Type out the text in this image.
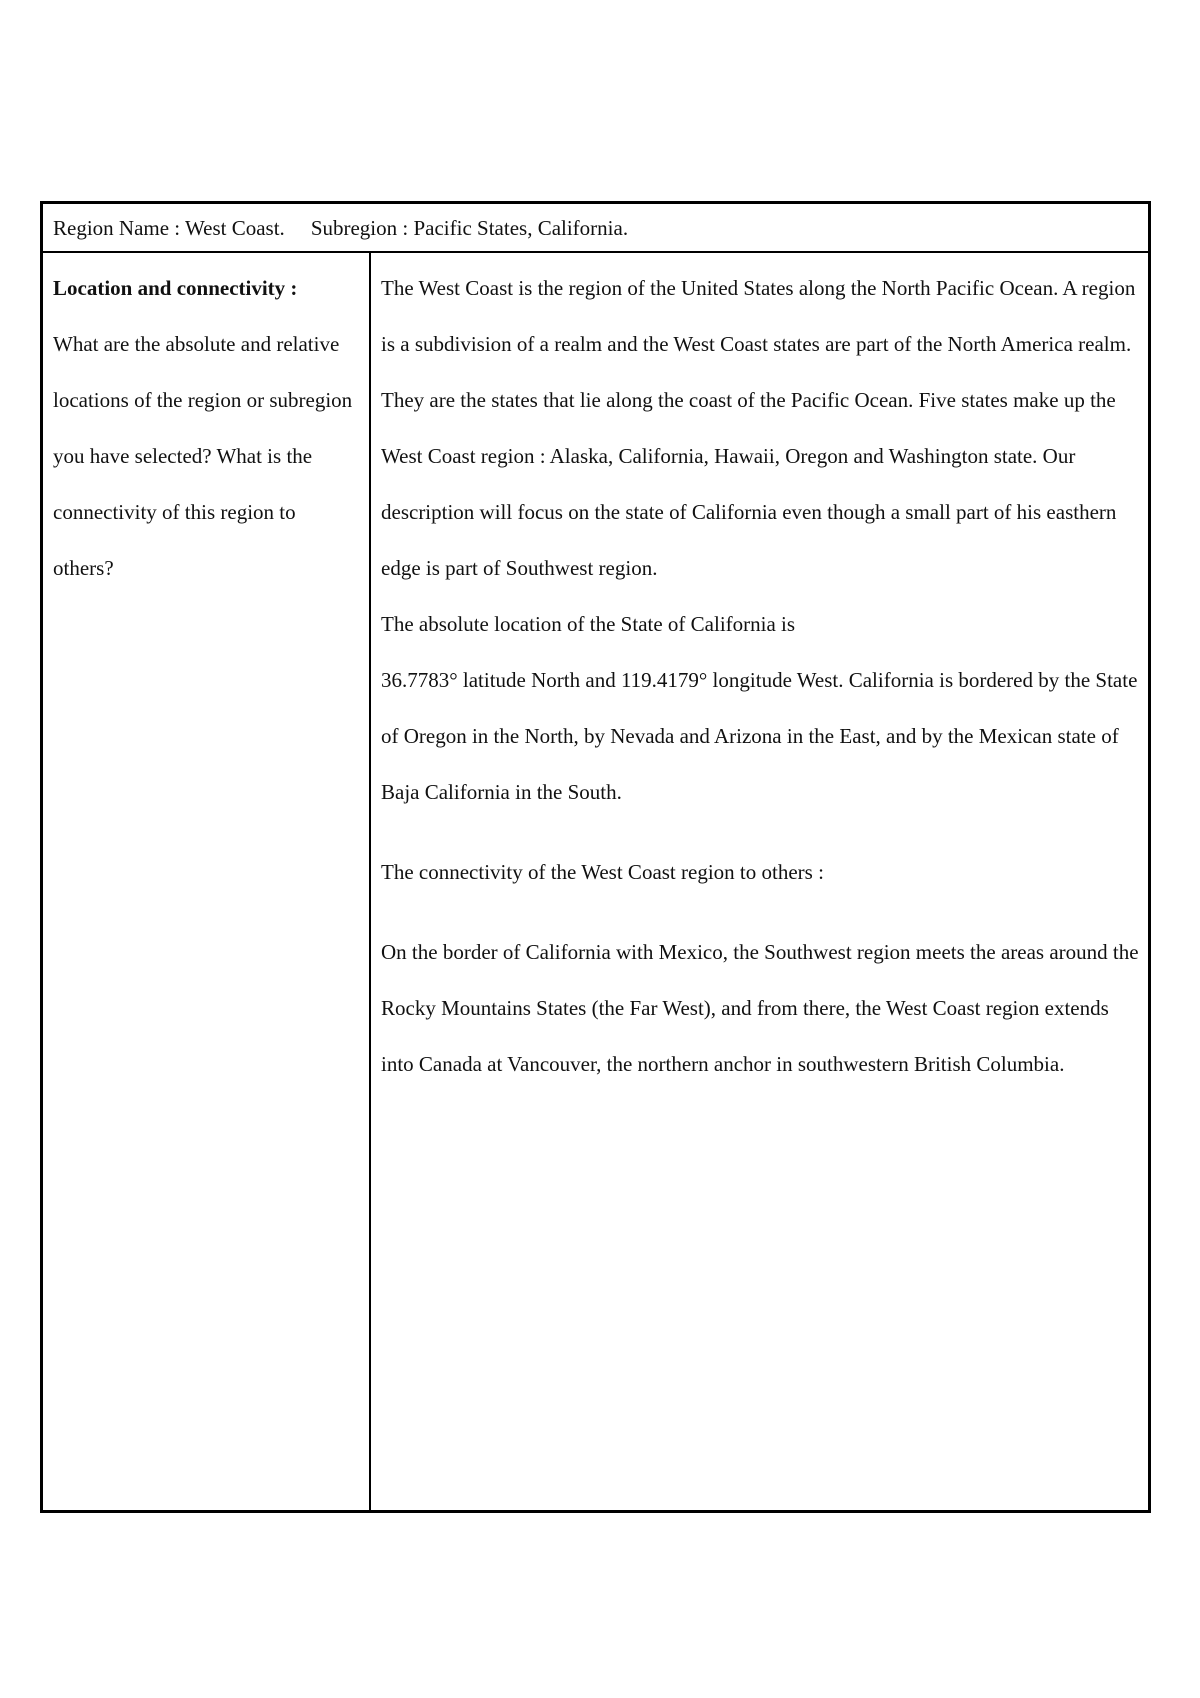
Region Name : West Coast. Subregion : Pacific States, California.
Location and connectivity :
What are the absolute and relative locations of the region or subregion you have selected? What is the connectivity of this region to others?

The West Coast is the region of the United States along the North Pacific Ocean. A region is a subdivision of a realm and the West Coast states are part of the North America realm. They are the states that lie along the coast of the Pacific Ocean. Five states make up the West Coast region : Alaska, California, Hawaii, Oregon and Washington state. Our description will focus on the state of California even though a small part of his easthern edge is part of Southwest region.

The absolute location of the State of California is

36.7783° latitude North and 119.4179° longitude West. California is bordered by the State of Oregon in the North, by Nevada and Arizona in the East, and by the Mexican state of Baja California in the South.

The connectivity of the West Coast region to others :

On the border of California with Mexico, the Southwest region meets the areas around the Rocky Mountains States (the Far West), and from there, the West Coast region extends into Canada at Vancouver, the northern anchor in southwestern British Columbia.
